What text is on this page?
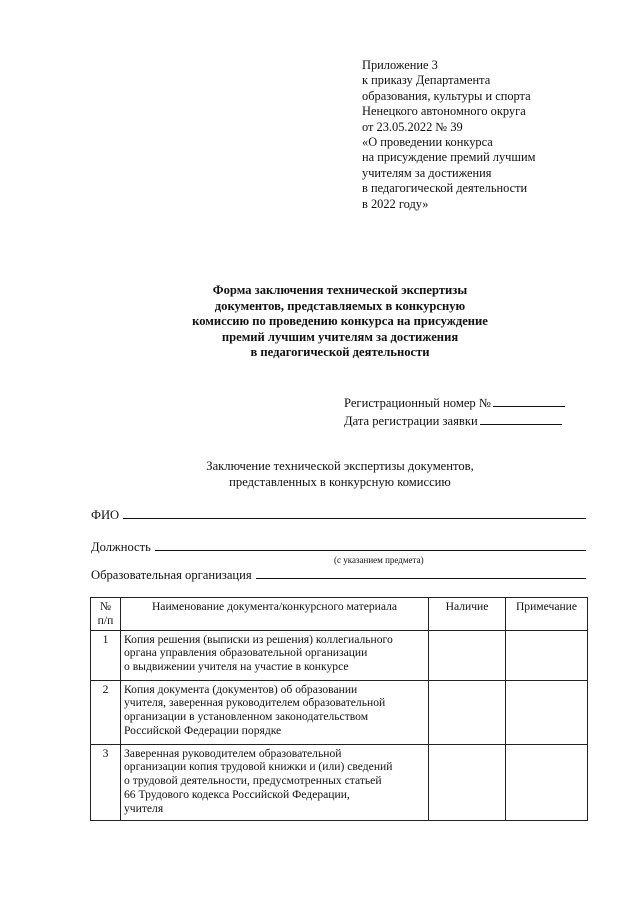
Приложение 3
к приказу Департамента
образования, культуры и спорта
Ненецкого автономного округа
от 23.05.2022 № 39
«О проведении конкурса
на присуждение премий лучшим
учителям за достижения
в педагогической деятельности
в 2022 году»
Форма заключения технической экспертизы
документов, представляемых в конкурсную
комиссию по проведению конкурса на присуждение
премий лучшим учителям за достижения
в педагогической деятельности
Регистрационный номер №
Дата регистрации заявки
Заключение технической экспертизы документов,
представленных в конкурсную комиссию
ФИО
Должность
(с указанием предмета)
Образовательная организация
№
п/п	Наименование документа/конкурсного материала	Наличие	Примечание
1	Копия решения (выписки из решения) коллегиального
органа управления образовательной организации
о выдвижении учителя на участие в конкурсе		

2	Копия документа (документов) об образовании
учителя, заверенная руководителем образовательной
организации в установленном законодательством
Российской Федерации порядке		

3	Заверенная руководителем образовательной
организации копия трудовой книжки и (или) сведений
о трудовой деятельности, предусмотренных статьей
66 Трудового кодекса Российской Федерации,
учителя		
